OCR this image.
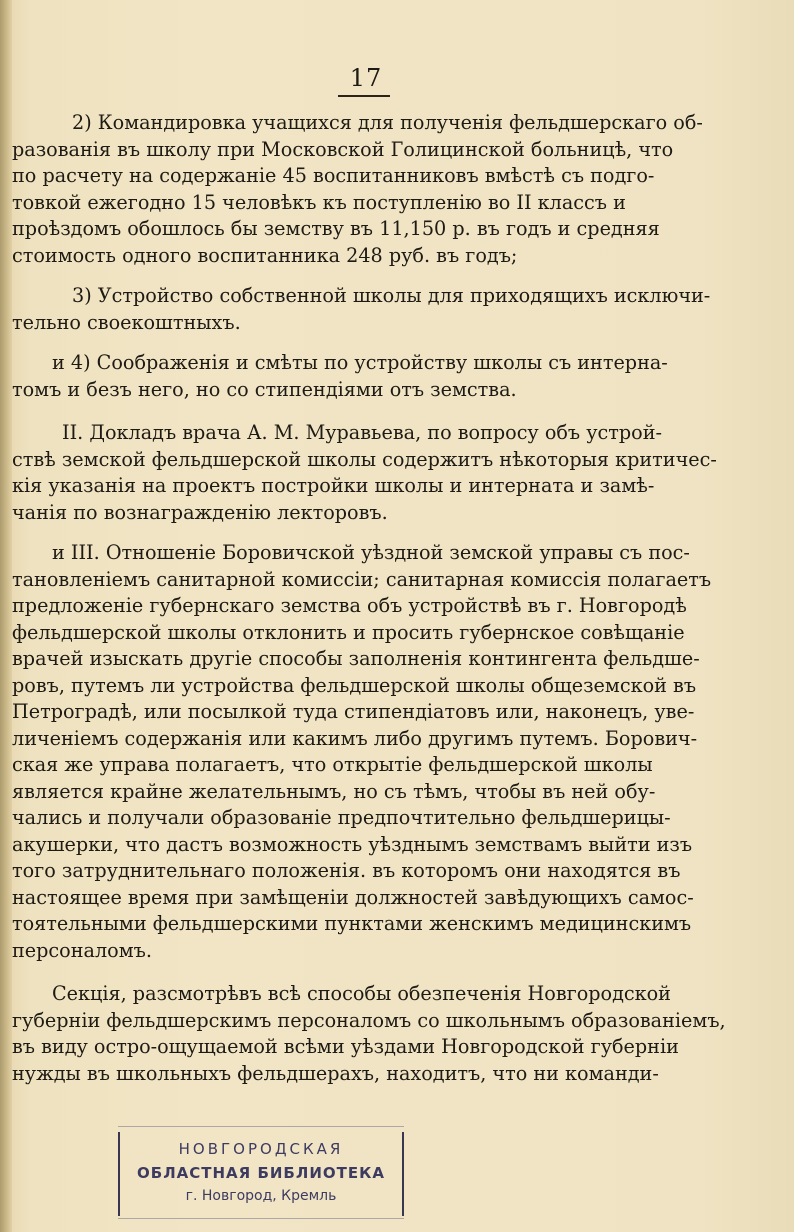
17
2) Командировка учащихся для полученія фельдшерскаго об-
разованія въ школу при Московской Голицинской больницѣ, что
по расчету на содержаніе 45 воспитанниковъ вмѣстѣ съ подго-
товкой ежегодно 15 человѣкъ къ поступленію во II классъ и
проѣздомъ обошлось бы земству въ 11,150 р. въ годъ и средняя
стоимость одного воспитанника 248 руб. въ годъ;
3) Устройство собственной школы для приходящихъ исключи-
тельно своекоштныхъ.
и 4) Соображенія и смѣты по устройству школы съ интерна-
томъ и безъ него, но со стипендіями отъ земства.
II. Докладъ врача А. М. Муравьева, по вопросу объ устрой-
ствѣ земской фельдшерской школы содержитъ нѣкоторыя критичес-
кія указанія на проектъ постройки школы и интерната и замѣ-
чанія по вознагражденію лекторовъ.
и III. Отношеніе Боровичской уѣздной земской управы съ пос-
тановленіемъ санитарной комиссіи; санитарная комиссія полагаетъ
предложеніе губернскаго земства объ устройствѣ въ г. Новгородѣ
фельдшерской школы отклонить и просить губернское совѣщаніе
врачей изыскать другіе способы заполненія контингента фельдше-
ровъ, путемъ ли устройства фельдшерской школы общеземской въ
Петроградѣ, или посылкой туда стипендіатовъ или, наконецъ, уве-
личеніемъ содержанія или какимъ либо другимъ путемъ. Борович-
ская же управа полагаетъ, что открытіе фельдшерской школы
является крайне желательнымъ, но съ тѣмъ, чтобы въ ней обу-
чались и получали образованіе предпочтительно фельдшерицы-
акушерки, что дастъ возможность уѣзднымъ земствамъ выйти изъ
того затруднительнаго положенія. въ которомъ они находятся въ
настоящее время при замѣщеніи должностей завѣдующихъ самос-
тоятельными фельдшерскими пунктами женскимъ медицинскимъ
персоналомъ.
Секція, разсмотрѣвъ всѣ способы обезпеченія Новгородской
губерніи фельдшерскимъ персоналомъ со школьнымъ образованіемъ,
въ виду остро-ощущаемой всѣми уѣздами Новгородской губерніи
нужды въ школьныхъ фельдшерахъ, находитъ, что ни команди-
НОВГОРОДСКАЯ
ОБЛАСТНАЯ БИБЛИОТЕКА
г. Новгород, Кремль
